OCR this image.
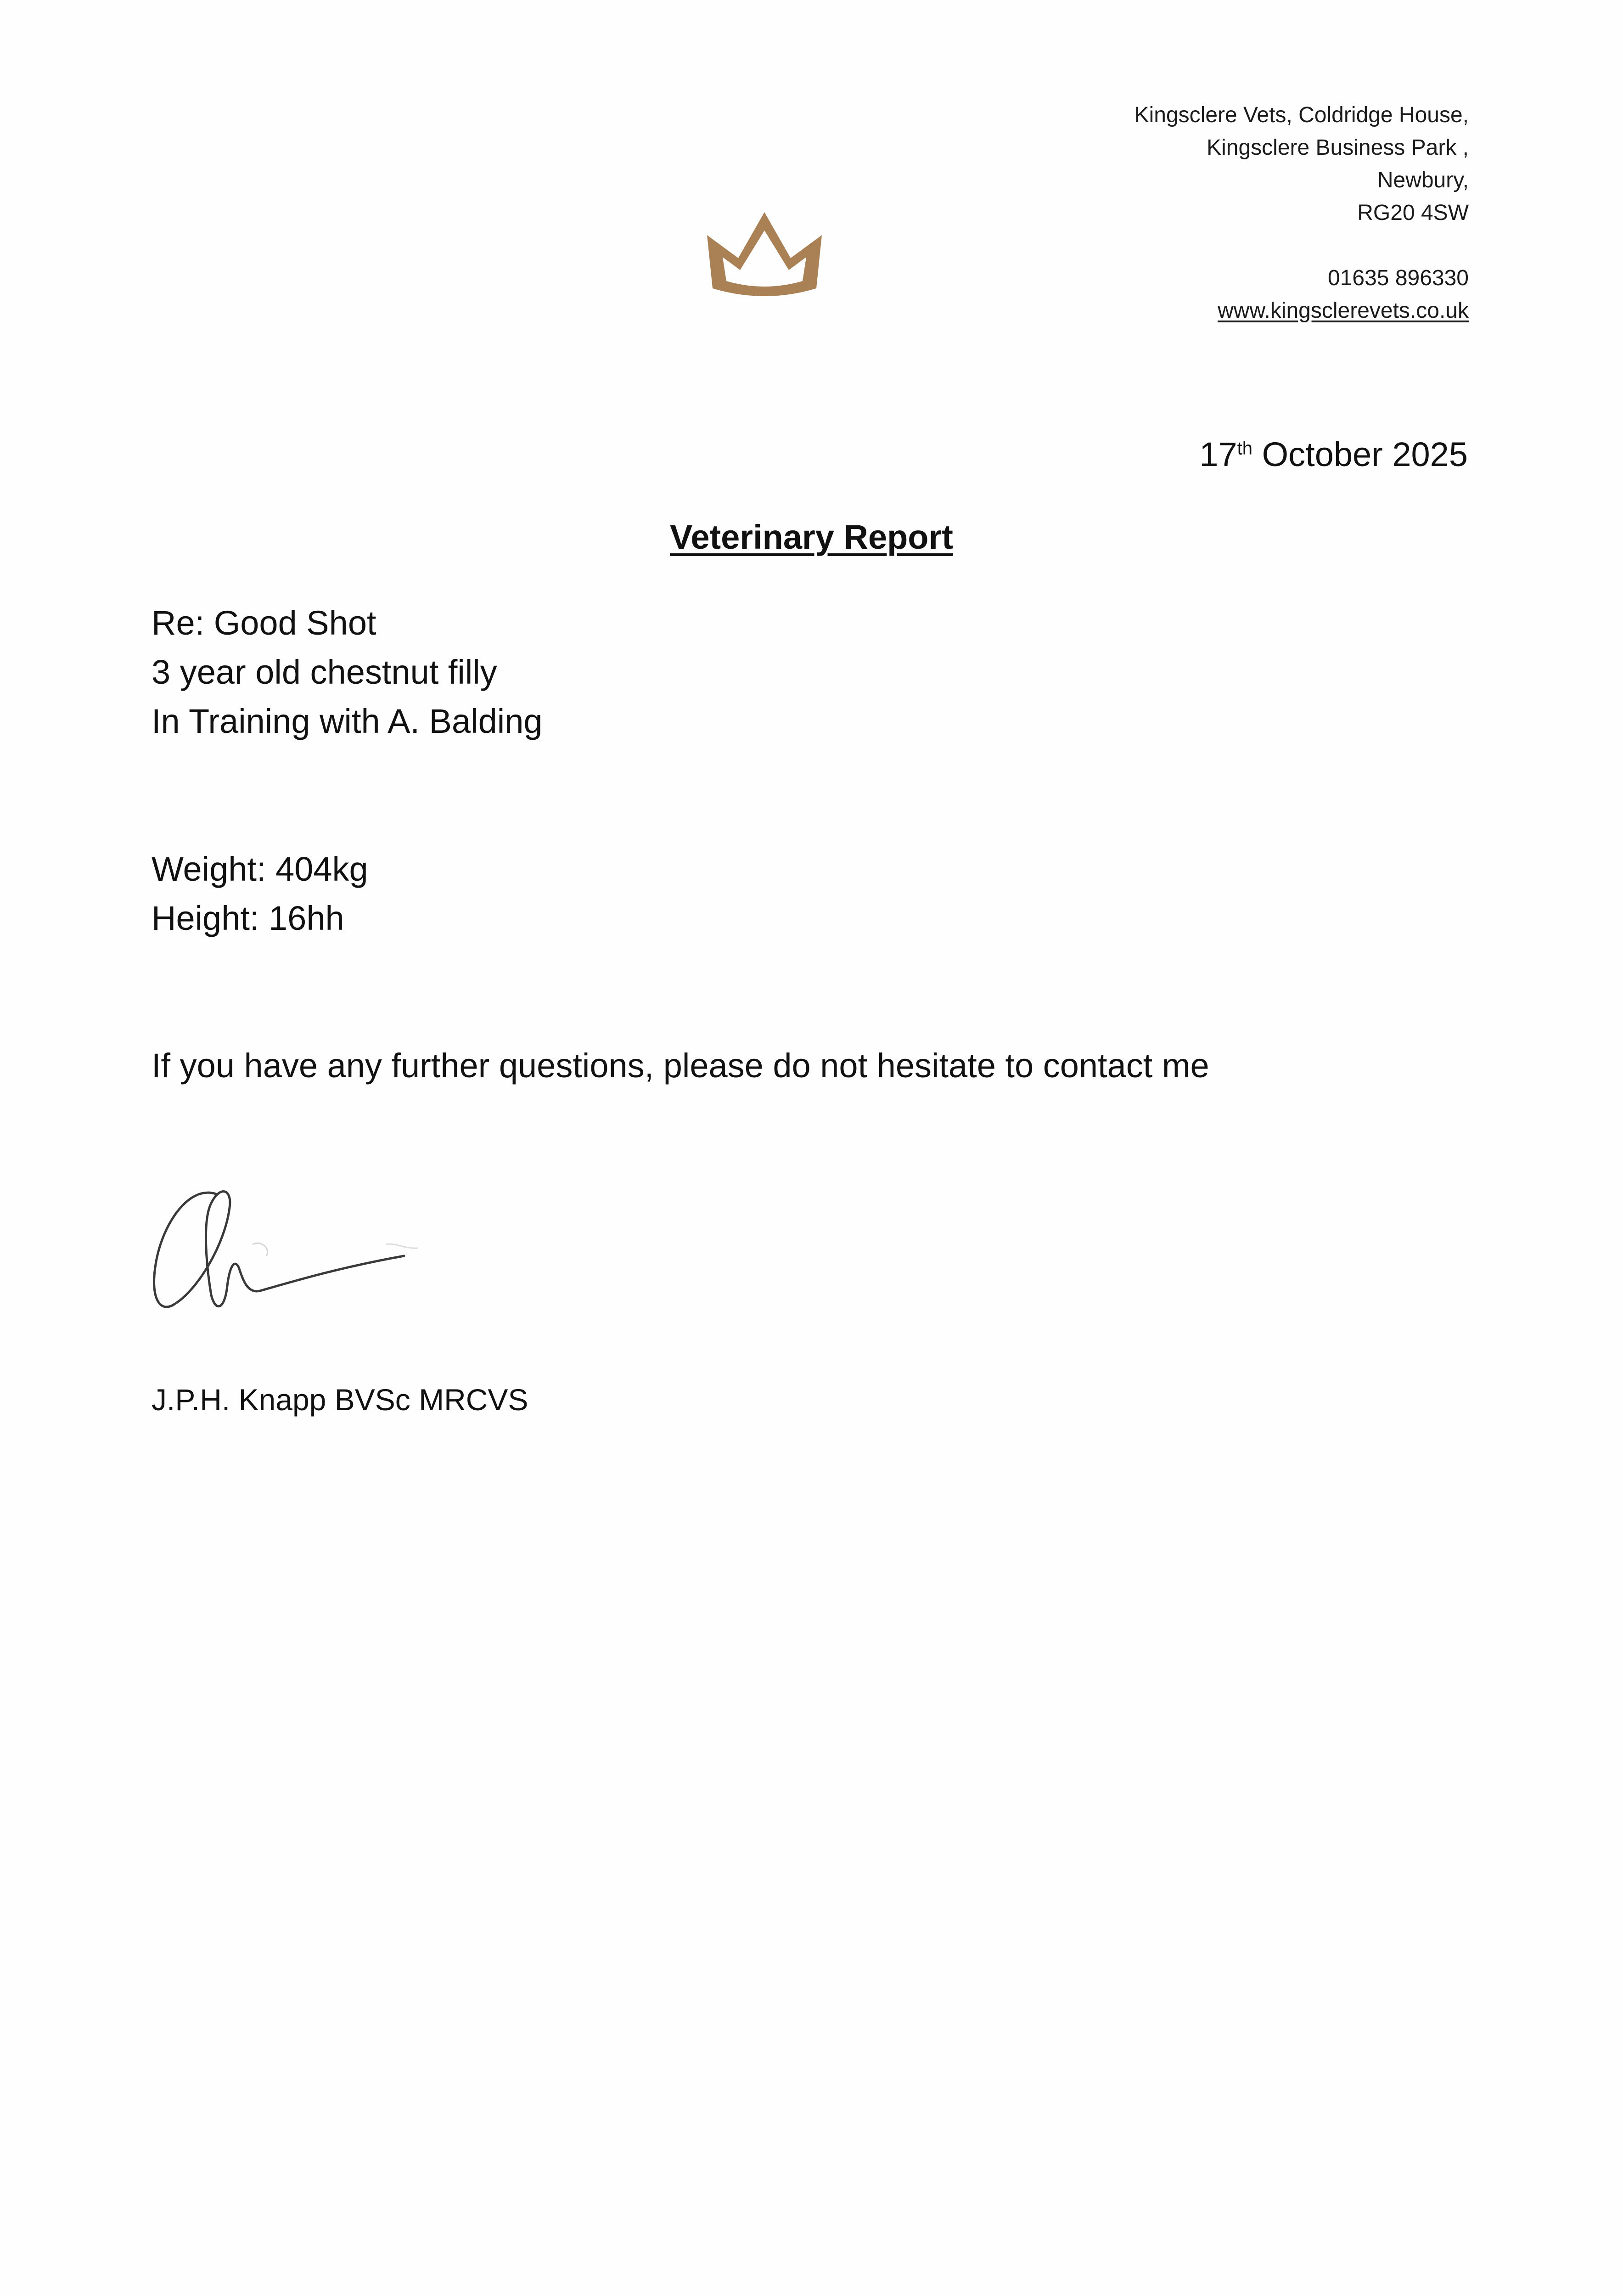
Kingsclere Vets, Coldridge House,
Kingsclere Business Park ,
Newbury,
RG20 4SW
01635 896330
www.kingsclerevets.co.uk
17th October 2025
Veterinary Report
Re: Good Shot
3 year old chestnut filly
In Training with A. Balding
Weight: 404kg
Height: 16hh
If you have any further questions, please do not hesitate to contact me
J.P.H. Knapp BVSc MRCVS
